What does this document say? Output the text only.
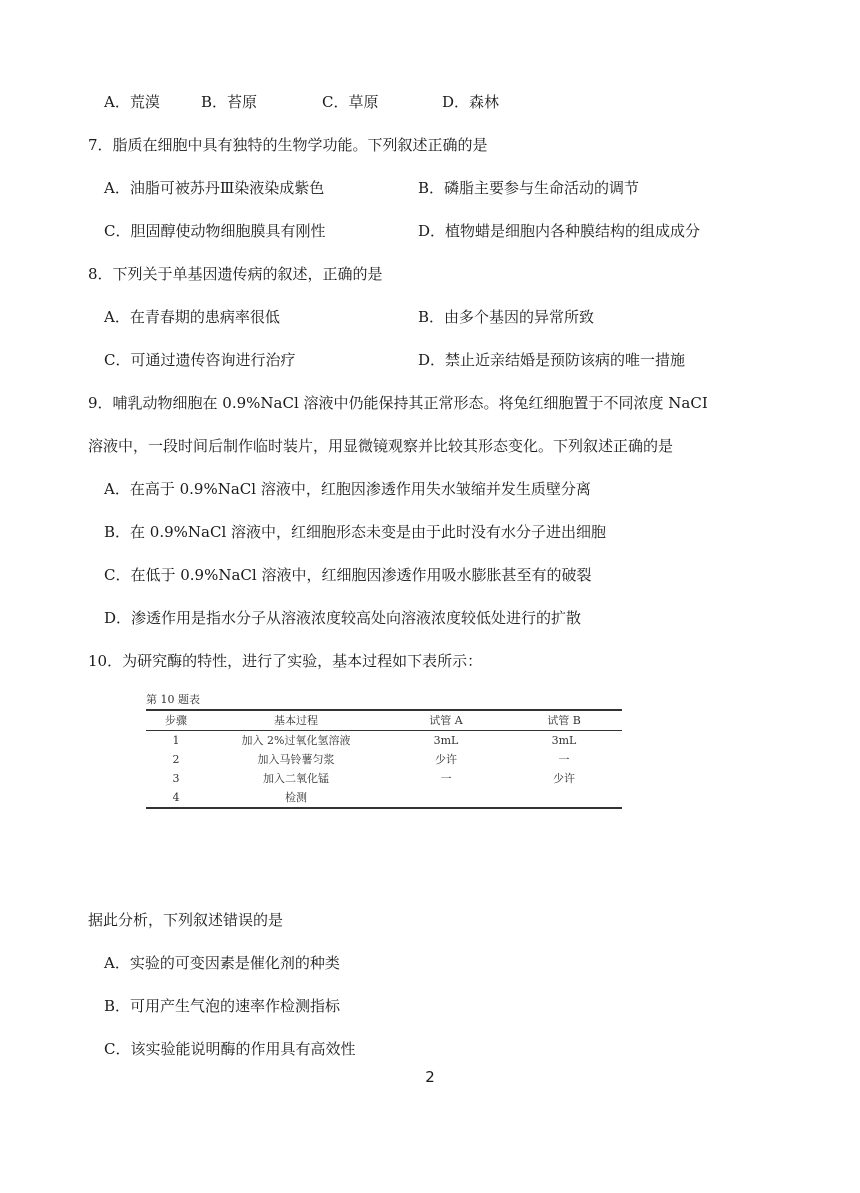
A．荒漠	B．苔原	C．草原	D．森林
7．脂质在细胞中具有独特的生物学功能。下列叙述正确的是
A．油脂可被苏丹Ⅲ染液染成紫色	B．磷脂主要参与生命活动的调节
C．胆固醇使动物细胞膜具有刚性	D．植物蜡是细胞内各种膜结构的组成成分
8．下列关于单基因遗传病的叙述，正确的是
A．在青春期的患病率很低	B．由多个基因的异常所致
C．可通过遗传咨询进行治疗	D．禁止近亲结婚是预防该病的唯一措施
9．哺乳动物细胞在 0.9%NaCl 溶液中仍能保持其正常形态。将兔红细胞置于不同浓度 NaCI
溶液中，一段时间后制作临时装片，用显微镜观察并比较其形态变化。下列叙述正确的是
A．在高于 0.9%NaCl 溶液中，红胞因渗透作用失水皱缩并发生质壁分离
B．在 0.9%NaCl 溶液中，红细胞形态未变是由于此时没有水分子进出细胞
C．在低于 0.9%NaCl 溶液中，红细胞因渗透作用吸水膨胀甚至有的破裂
D．渗透作用是指水分子从溶液浓度较高处向溶液浓度较低处进行的扩散
10．为研究酶的特性，进行了实验，基本过程如下表所示：
第 10 题表
步骤	基本过程	试管 A	试管 B
1	加入 2%过氧化氢溶液	3mL	3mL
2	加入马铃薯匀浆	少许	一
3	加入二氧化锰	一	少许
4	检测		
据此分析，下列叙述错误的是
A．实验的可变因素是催化剂的种类
B．可用产生气泡的速率作检测指标
C．该实验能说明酶的作用具有高效性
2
